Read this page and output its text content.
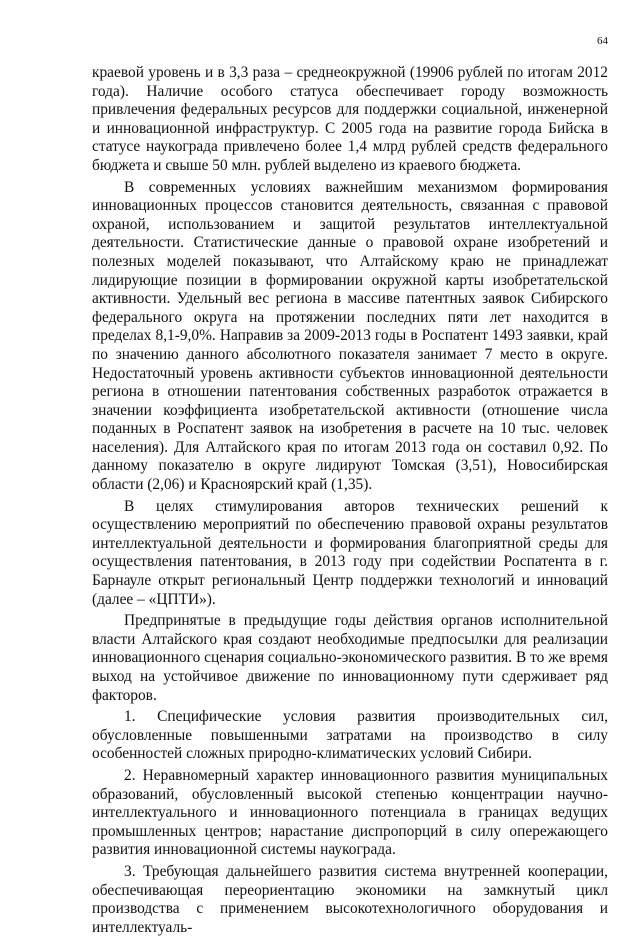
64

краевой уровень и в 3,3 раза – среднеокружной (19906 рублей по итогам 2012 года). Наличие особого статуса обеспечивает городу возможность привлечения федеральных ресурсов для поддержки социальной, инженерной и инновационной инфраструктур. С 2005 года на развитие города Бийска в статусе наукограда привлечено более 1,4 млрд рублей средств федерального бюджета и свыше 50 млн. рублей выделено из краевого бюджета.

В современных условиях важнейшим механизмом формирования инновационных процессов становится деятельность, связанная с правовой охраной, использованием и защитой результатов интеллектуальной деятельности. Статистические данные о правовой охране изобретений и полезных моделей показывают, что Алтайскому краю не принадлежат лидирующие позиции в формировании окружной карты изобретательской активности. Удельный вес региона в массиве патентных заявок Сибирского федерального округа на протяжении последних пяти лет находится в пределах 8,1-9,0%. Направив за 2009-2013 годы в Роспатент 1493 заявки, край по значению данного абсолютного показателя занимает 7 место в округе. Недостаточный уровень активности субъектов инновационной деятельности региона в отношении патентования собственных разработок отражается в значении коэффициента изобретательской активности (отношение числа поданных в Роспатент заявок на изобретения в расчете на 10 тыс. человек населения). Для Алтайского края по итогам 2013 года он составил 0,92. По данному показателю в округе лидируют Томская (3,51), Новосибирская области (2,06) и Красноярский край (1,35).

В целях стимулирования авторов технических решений к осуществлению мероприятий по обеспечению правовой охраны результатов интеллектуальной деятельности и формирования благоприятной среды для осуществления патентования, в 2013 году при содействии Роспатента в г. Барнауле открыт региональный Центр поддержки технологий и инноваций (далее – «ЦПТИ»).

Предпринятые в предыдущие годы действия органов исполнительной власти Алтайского края создают необходимые предпосылки для реализации инновационного сценария социально-экономического развития. В то же время выход на устойчивое движение по инновационному пути сдерживает ряд факторов.

1. Специфические условия развития производительных сил, обусловленные повышенными затратами на производство в силу особенностей сложных природно-климатических условий Сибири.

2. Неравномерный характер инновационного развития муниципальных образований, обусловленный высокой степенью концентрации научно-интеллектуального и инновационного потенциала в границах ведущих промышленных центров; нарастание диспропорций в силу опережающего развития инновационной системы наукограда.

3. Требующая дальнейшего развития система внутренней кооперации, обеспечивающая переориентацию экономики на замкнутый цикл производства с применением высокотехнологичного оборудования и интеллектуаль-
